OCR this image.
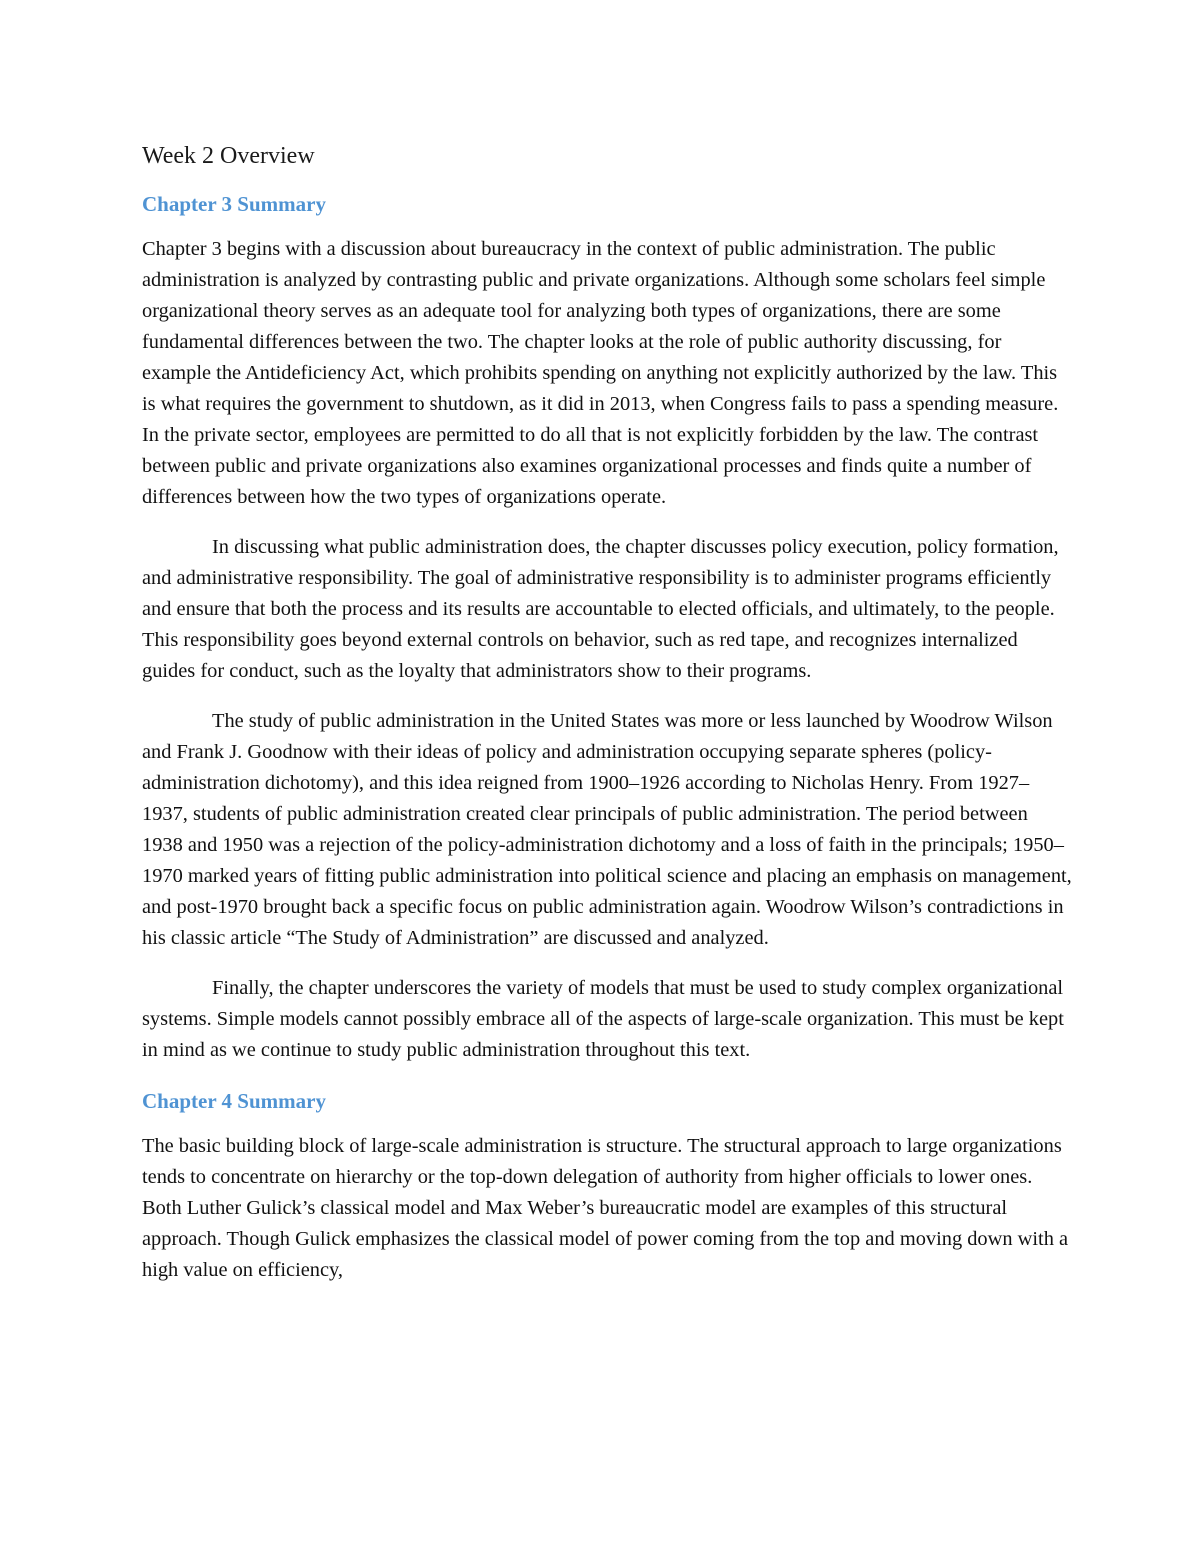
Week 2 Overview
Chapter 3 Summary

Chapter 3 begins with a discussion about bureaucracy in the context of public administration. The public administration is analyzed by contrasting public and private organizations. Although some scholars feel simple organizational theory serves as an adequate tool for analyzing both types of organizations, there are some fundamental differences between the two. The chapter looks at the role of public authority discussing, for example the Antideficiency Act, which prohibits spending on anything not explicitly authorized by the law. This is what requires the government to shutdown, as it did in 2013, when Congress fails to pass a spending measure. In the private sector, employees are permitted to do all that is not explicitly forbidden by the law. The contrast between public and private organizations also examines organizational processes and finds quite a number of differences between how the two types of organizations operate.

In discussing what public administration does, the chapter discusses policy execution, policy formation, and administrative responsibility. The goal of administrative responsibility is to administer programs efficiently and ensure that both the process and its results are accountable to elected officials, and ultimately, to the people. This responsibility goes beyond external controls on behavior, such as red tape, and recognizes internalized guides for conduct, such as the loyalty that administrators show to their programs.

The study of public administration in the United States was more or less launched by Woodrow Wilson and Frank J. Goodnow with their ideas of policy and administration occupying separate spheres (policy-administration dichotomy), and this idea reigned from 1900–1926 according to Nicholas Henry. From 1927–1937, students of public administration created clear principals of public administration. The period between 1938 and 1950 was a rejection of the policy-administration dichotomy and a loss of faith in the principals; 1950–1970 marked years of fitting public administration into political science and placing an emphasis on management, and post-1970 brought back a specific focus on public administration again. Woodrow Wilson’s contradictions in his classic article “The Study of Administration” are discussed and analyzed.

Finally, the chapter underscores the variety of models that must be used to study complex organizational systems. Simple models cannot possibly embrace all of the aspects of large-scale organization. This must be kept in mind as we continue to study public administration throughout this text.

Chapter 4 Summary

The basic building block of large-scale administration is structure. The structural approach to large organizations tends to concentrate on hierarchy or the top-down delegation of authority from higher officials to lower ones. Both Luther Gulick’s classical model and Max Weber’s bureaucratic model are examples of this structural approach. Though Gulick emphasizes the classical model of power coming from the top and moving down with a high value on efficiency,
